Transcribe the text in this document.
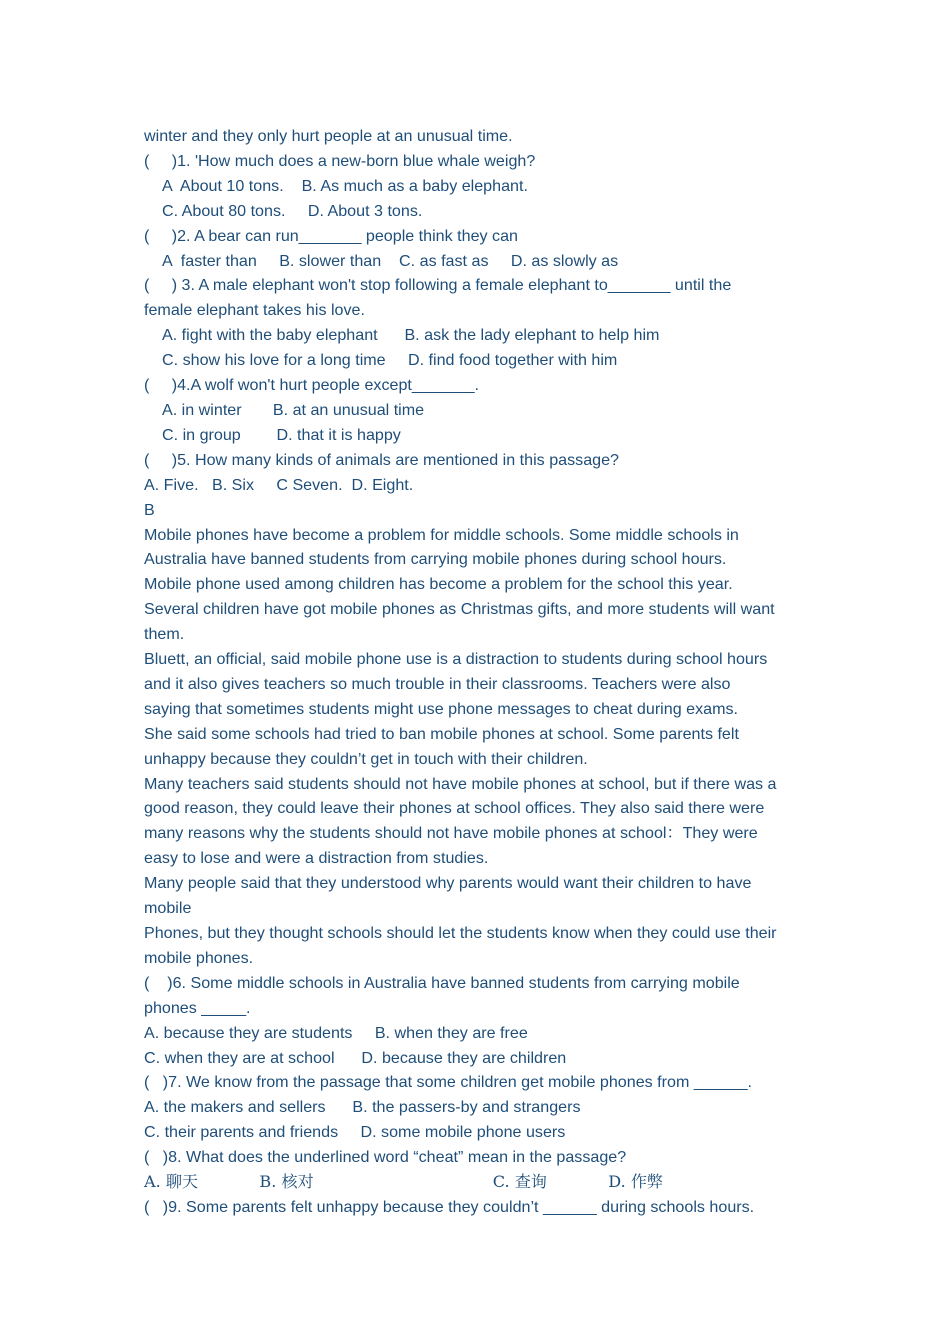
winter and they only hurt people at an unusual time.
(     )1. 'How much does a new-born blue whale weigh?
A  About 10 tons.    B. As much as a baby elephant.
C. About 80 tons.     D. About 3 tons.
(     )2. A bear can run_______ people think they can
A  faster than     B. slower than    C. as fast as     D. as slowly as
(     ) 3. A male elephant won't stop following a female elephant to_______ until the
female elephant takes his love.
A. fight with the baby elephant      B. ask the lady elephant to help him
C. show his love for a long time     D. find food together with him
(     )4.A wolf won't hurt people except_______.
A. in winter       B. at an unusual time
C. in group        D. that it is happy
(     )5. How many kinds of animals are mentioned in this passage?
A. Five.   B. Six     C Seven.  D. Eight.
B
Mobile phones have become a problem for middle schools. Some middle schools in
Australia have banned students from carrying mobile phones during school hours.
Mobile phone used among children has become a problem for the school this year.
Several children have got mobile phones as Christmas gifts, and more students will want
them.
Bluett, an official, said mobile phone use is a distraction to students during school hours
and it also gives teachers so much trouble in their classrooms. Teachers were also
saying that sometimes students might use phone messages to cheat during exams.
She said some schools had tried to ban mobile phones at school. Some parents felt
unhappy because they couldn’t get in touch with their children.
Many teachers said students should not have mobile phones at school, but if there was a
good reason, they could leave their phones at school offices. They also said there were
many reasons why the students should not have mobile phones at school：They were
easy to lose and were a distraction from studies.
Many people said that they understood why parents would want their children to have
mobile
Phones, but they thought schools should let the students know when they could use their
mobile phones.
(    )6. Some middle schools in Australia have banned students from carrying mobile
phones _____.
A. because they are students     B. when they are free
C. when they are at school      D. because they are children
(   )7. We know from the passage that some children get mobile phones from ______.
A. the makers and sellers      B. the passers-by and strangers
C. their parents and friends     D. some mobile phone users
(   )8. What does the underlined word “cheat” mean in the passage?
A. 聊天            B. 核对                                   C. 查询            D. 作弊
(   )9. Some parents felt unhappy because they couldn’t ______ during schools hours.
